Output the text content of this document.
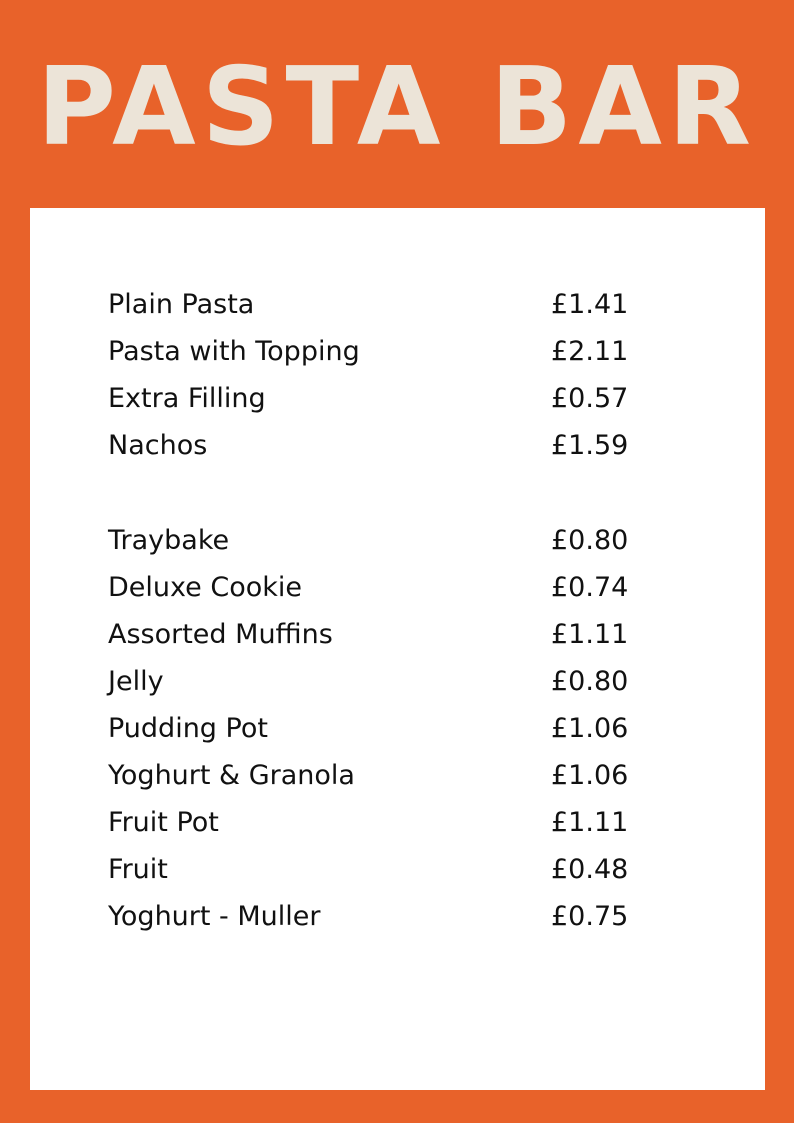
PASTA BAR
Plain Pasta	£1.41
Pasta with Topping	£2.11
Extra Filling	£0.57
Nachos	£1.59
Traybake	£0.80
Deluxe Cookie	£0.74
Assorted Muffins	£1.11
Jelly	£0.80
Pudding Pot	£1.06
Yoghurt & Granola	£1.06
Fruit Pot	£1.11
Fruit	£0.48
Yoghurt - Muller	£0.75
